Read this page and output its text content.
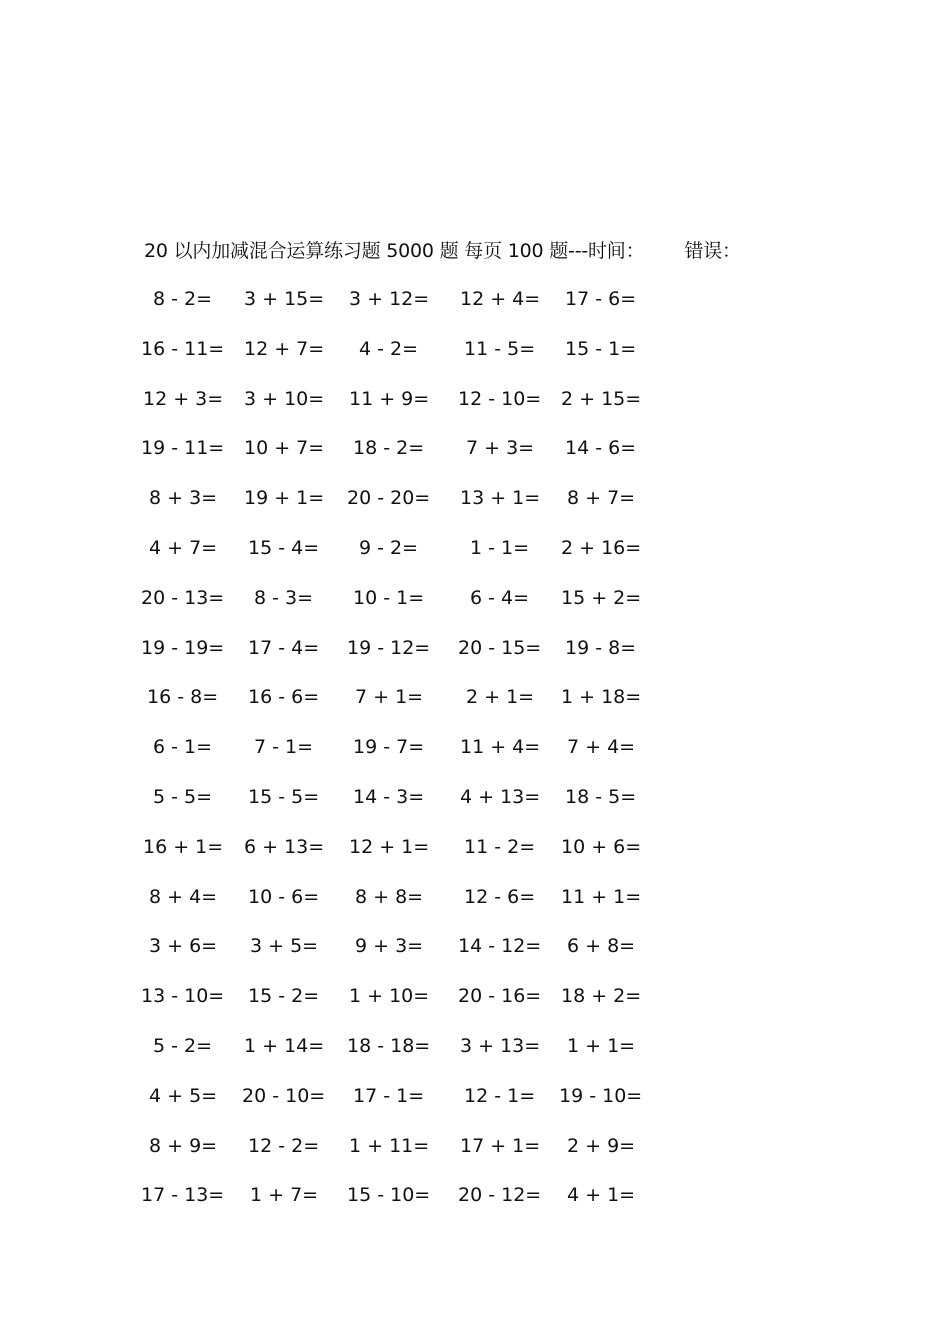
20 以内加减混合运算练习题 5000 题 每页 100 题---时间： 错误：
8 - 2= 3 + 15= 3 + 12= 12 + 4= 17 - 6=
16 - 11= 12 + 7= 4 - 2= 11 - 5= 15 - 1=
12 + 3= 3 + 10= 11 + 9= 12 - 10= 2 + 15=
19 - 11= 10 + 7= 18 - 2= 7 + 3= 14 - 6=
8 + 3= 19 + 1= 20 - 20= 13 + 1= 8 + 7=
4 + 7= 15 - 4= 9 - 2=	1 - 1= 2 + 16=
20 - 13= 8 - 3= 10 - 1= 6 - 4= 15 + 2=
19 - 19= 17 - 4= 19 - 12= 20 - 15= 19 - 8=
16 - 8= 16 - 6= 7 + 1= 2 + 1= 1 + 18=
6 - 1= 7 - 1= 19 - 7= 11 + 4= 7 + 4=
5 - 5= 15 - 5= 14 - 3= 4 + 13= 18 - 5=
16 + 1= 6 + 13= 12 + 1= 11 - 2= 10 + 6=
8 + 4= 10 - 6= 8 + 8= 12 - 6= 11 + 1=
3 + 6= 3 + 5= 9 + 3= 14 - 12= 6 + 8=
13 - 10= 15 - 2= 1 + 10= 20 - 16= 18 + 2=
5 - 2= 1 + 14= 18 - 18= 3 + 13= 1 + 1=
4 + 5= 20 - 10= 17 - 1= 12 - 1= 19 - 10=
8 + 9= 12 - 2= 1 + 11= 17 + 1= 2 + 9=
17 - 13= 1 + 7= 15 - 10= 20 - 12= 4 + 1=
